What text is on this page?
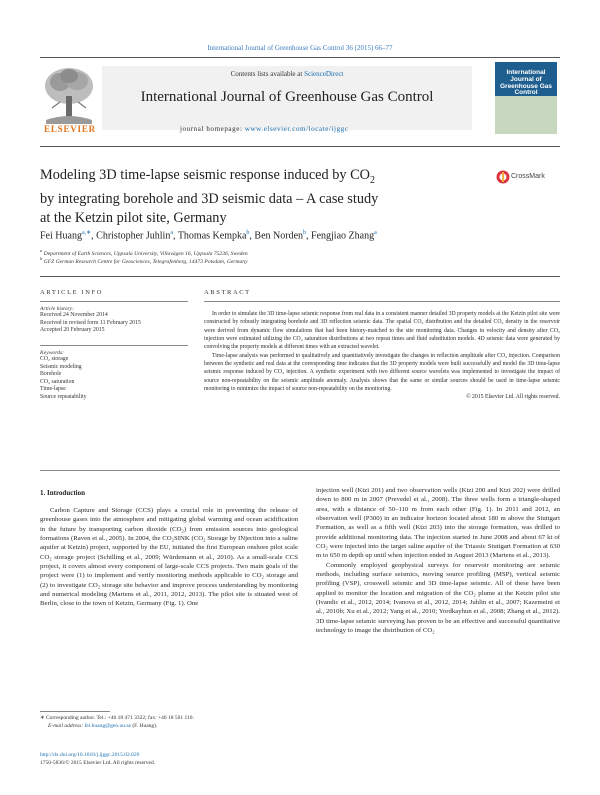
International Journal of Greenhouse Gas Control 36 (2015) 66–77
ELSEVIER
Contents lists available at ScienceDirect
International Journal of Greenhouse Gas Control
journal homepage: www.elsevier.com/locate/ijggc
International Journal of Greenhouse Gas Control
Modeling 3D time-lapse seismic response induced by $CO_2$
by integrating borehole and 3D seismic data – A case study
at the Ketzin pilot site, Germany
CrossMark
Fei Huang$^{a,∗}$, Christopher Juhlin$^a$, Thomas Kempka$^b$, Ben Norden$^b$, Fengjiao Zhang$^a$
$^a$ Department of Earth Sciences, Uppsala University, Villavägen 16, Uppsala 75236, Sweden
$^b$ GFZ German Research Centre for Geosciences, Telegrafenberg, 14473 Potsdam, Germany
ARTICLE INFO
Article history:
Received 24 November 2014
Received in revised form 11 February 2015
Accepted 20 February 2015
Keywords:
CO₂ storage
Seismic modeling
Borehole
CO₂ saturation
Time-lapse
Source repeatability
ABSTRACT

In order to simulate the 3D time-lapse seismic response from real data in a consistent manner detailed 3D property models at the Ketzin pilot site were constructed by robustly integrating borehole and 3D reflection seismic data. The spatial CO₂ distribution and the detailed CO₂ density in the reservoir were derived from dynamic flow simulations that had been history-matched to the site monitoring data. Changes in velocity and density after CO₂ injection were estimated utilizing the CO₂ saturation distributions at two repeat times and fluid substitution models. 4D seismic data were generated by convolving the property models at different times with an extracted wavelet.

Time-lapse analysis was performed to qualitatively and quantitatively investigate the changes in reflection amplitude after CO₂ injection. Comparison between the synthetic and real data at the corresponding time indicates that the 3D property models were built successfully and model the 3D time-lapse seismic response induced by CO₂ injection. A synthetic experiment with two different source wavelets was implemented to investigate the impact of source non-repeatability on the seismic amplitude anomaly. Analysis shows that the same or similar sources should be used in time-lapse seismic monitoring to minimize the impact of source non-repeatability on the monitoring.

© 2015 Elsevier Ltd. All rights reserved.
1. Introduction

Carbon Capture and Storage (CCS) plays a crucial role in preventing the release of greenhouse gases into the atmosphere and mitigating global warming and ocean acidification in the future by transporting carbon dioxide (CO₂) from emission sources into geological formations (Raven et al., 2005). In 2004, the CO₂SINK (CO₂ Storage by INjection into a saline aquifer at Ketzin) project, supported by the EU, initiated the first European onshore pilot scale CO₂ storage project (Schilling et al., 2009; Würdemann et al., 2010). As a small-scale CCS project, it covers almost every component of large-scale CCS projects. Two main goals of the project were (1) to implement and verify monitoring methods applicable to CO₂ storage and (2) to investigate CO₂ storage site behavior and improve process understanding by monitoring and numerical modeling (Martens et al., 2011, 2012, 2013). The pilot site is situated west of Berlin, close to the town of Ketzin, Germany (Fig. 1). One

injection well (Ktzi 201) and two observation wells (Ktzi 200 and Ktzi 202) were drilled down to 800 m in 2007 (Prevedel et al., 2008). The three wells form a triangle-shaped area, with a distance of 50–110 m from each other (Fig. 1). In 2011 and 2012, an observation well (P300) in an indicator horizon located about 180 m above the Stuttgart Formation, as well as a fifth well (Ktzi 203) into the storage formation, was drilled to provide additional monitoring data. The injection started in June 2008 and about 67 kt of CO₂ were injected into the target saline aquifer of the Triassic Stuttgart Formation at 630 m to 650 m depth up until when injection ended in August 2013 (Martens et al., 2013).

Commonly employed geophysical surveys for reservoir monitoring are seismic methods, including surface seismics, moving source profiling (MSP), vertical seismic profiling (VSP), crosswell seismic and 3D time-lapse seismic. All of these have been applied to monitor the location and migration of the CO₂ plume at the Ketzin pilot site (Ivandic et al., 2012, 2014; Ivanova et al., 2012, 2014; Juhlin et al., 2007; Kazemeini et al., 2010b; Xu et al., 2012; Yang et al., 2010; Yordkayhun et al., 2008; Zhang et al., 2012). 3D time-lapse seismic surveying has proven to be an effective and successful quantitative technology to image the distribution of CO₂

∗ Corresponding author. Tel.: +46 18 471 3322; fax: +46 18 501 110.
E-mail address: fei.huang@geo.uu.se (F. Huang).
http://dx.doi.org/10.1016/j.ijggc.2015.02.020
1750-5836/© 2015 Elsevier Ltd. All rights reserved.
